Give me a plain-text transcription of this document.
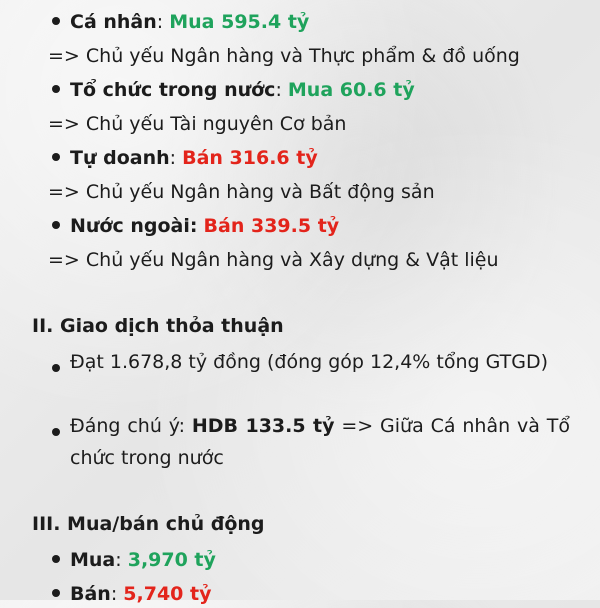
Cá nhân: Mua 595.4 tỷ
=> Chủ yếu Ngân hàng và Thực phẩm & đồ uống
Tổ chức trong nước: Mua 60.6 tỷ
=> Chủ yếu Tài nguyên Cơ bản
Tự doanh: Bán 316.6 tỷ
=> Chủ yếu Ngân hàng và Bất động sản
Nước ngoài: Bán 339.5 tỷ
=> Chủ yếu Ngân hàng và Xây dựng & Vật liệu
II. Giao dịch thỏa thuận
Đạt 1.678,8 tỷ đồng (đóng góp 12,4% tổng GTGD)
Đáng chú ý: HDB 133.5 tỷ => Giữa Cá nhân và Tổ chức trong nước
III. Mua/bán chủ động
Mua: 3,970 tỷ
Bán: 5,740 tỷ
